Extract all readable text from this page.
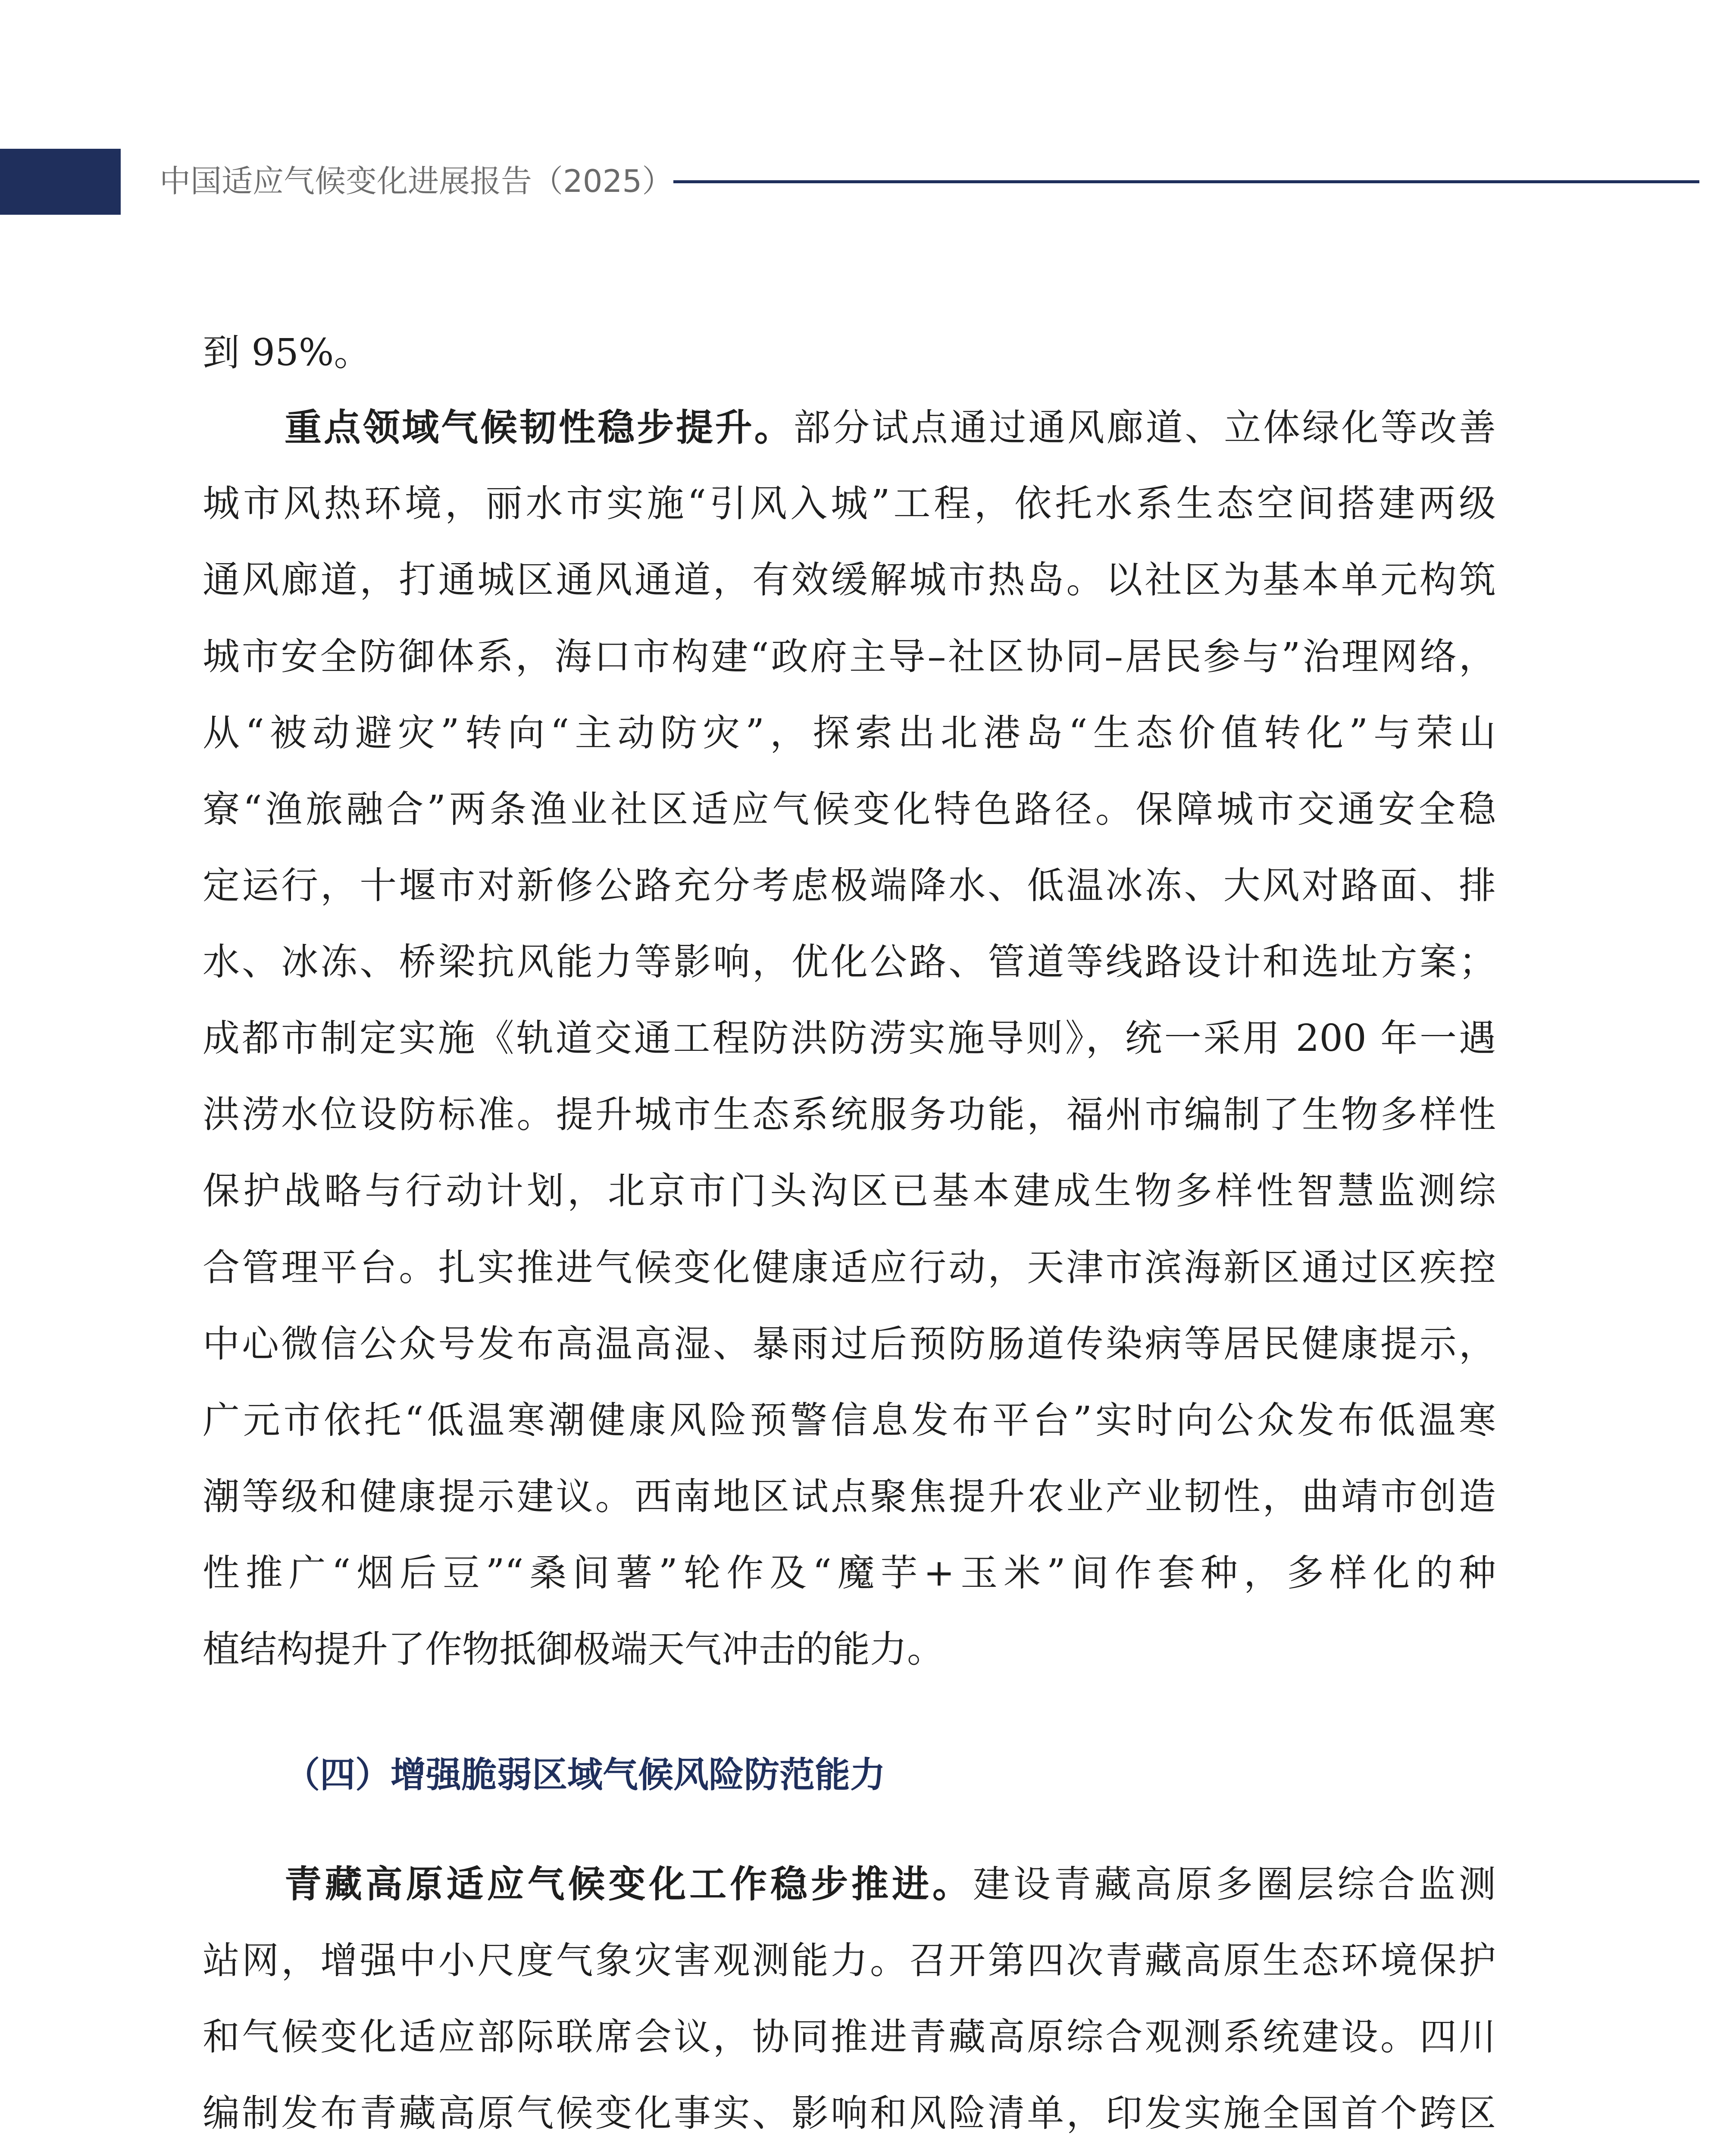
中国适应气候变化进展报告（2025）
到 95%。
重点领域气候韧性稳步提升。部分试点通过通风廊道、立体绿化等改善
城市风热环境，丽水市实施“引风入城”工程，依托水系生态空间搭建两级
通风廊道，打通城区通风通道，有效缓解城市热岛。以社区为基本单元构筑
城市安全防御体系，海口市构建“政府主导–社区协同–居民参与”治理网络，
从“被动避灾”转向“主动防灾”，探索出北港岛“生态价值转化”与荣山
寮“渔旅融合”两条渔业社区适应气候变化特色路径。保障城市交通安全稳
定运行，十堰市对新修公路充分考虑极端降水、低温冰冻、大风对路面、排
水、冰冻、桥梁抗风能力等影响，优化公路、管道等线路设计和选址方案；
成都市制定实施《轨道交通工程防洪防涝实施导则》，统一采用 200 年一遇
洪涝水位设防标准。提升城市生态系统服务功能，福州市编制了生物多样性
保护战略与行动计划，北京市门头沟区已基本建成生物多样性智慧监测综
合管理平台。扎实推进气候变化健康适应行动，天津市滨海新区通过区疾控
中心微信公众号发布高温高湿、暴雨过后预防肠道传染病等居民健康提示，
广元市依托“低温寒潮健康风险预警信息发布平台”实时向公众发布低温寒
潮等级和健康提示建议。西南地区试点聚焦提升农业产业韧性，曲靖市创造
性推广“烟后豆”“桑间薯”轮作及“魔芋+玉米”间作套种，多样化的种
植结构提升了作物抵御极端天气冲击的能力。
（四）增强脆弱区域气候风险防范能力
青藏高原适应气候变化工作稳步推进。建设青藏高原多圈层综合监测
站网，增强中小尺度气象灾害观测能力。召开第四次青藏高原生态环境保护
和气候变化适应部际联席会议，协同推进青藏高原综合观测系统建设。四川
编制发布青藏高原气候变化事实、影响和风险清单，印发实施全国首个跨区
